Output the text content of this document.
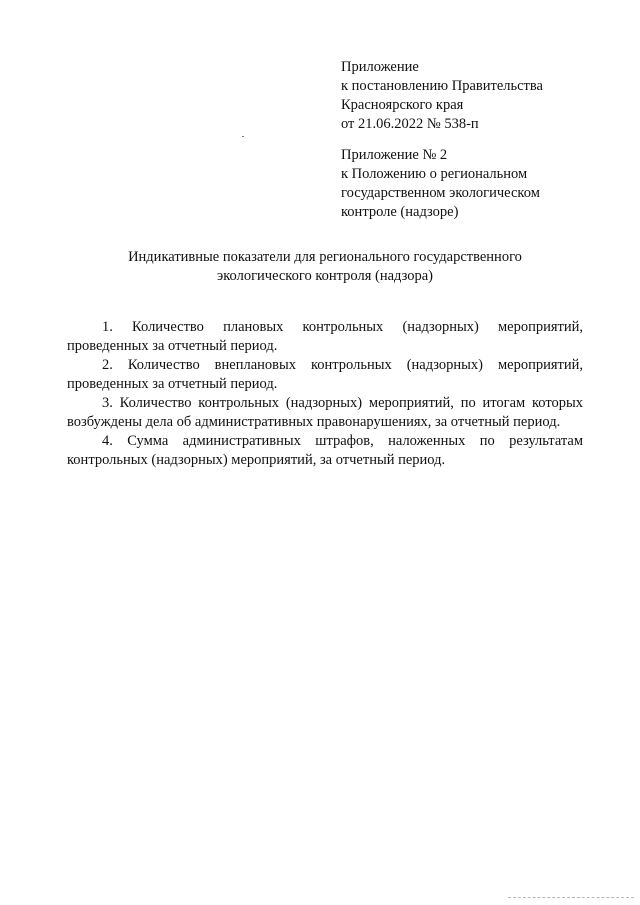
Приложение
к постановлению Правительства
Красноярского края
от 21.06.2022 № 538-п
Приложение № 2
к Положению о региональном
государственном экологическом
контроле (надзоре)
Индикативные показатели для регионального государственного
экологического контроля (надзора)

1. Количество плановых контрольных (надзорных) мероприятий, проведенных за отчетный период.

2. Количество внеплановых контрольных (надзорных) мероприятий, проведенных за отчетный период.

3. Количество контрольных (надзорных) мероприятий, по итогам которых возбуждены дела об административных правонарушениях, за отчетный период.

4. Сумма административных штрафов, наложенных по результатам контрольных (надзорных) мероприятий, за отчетный период.
